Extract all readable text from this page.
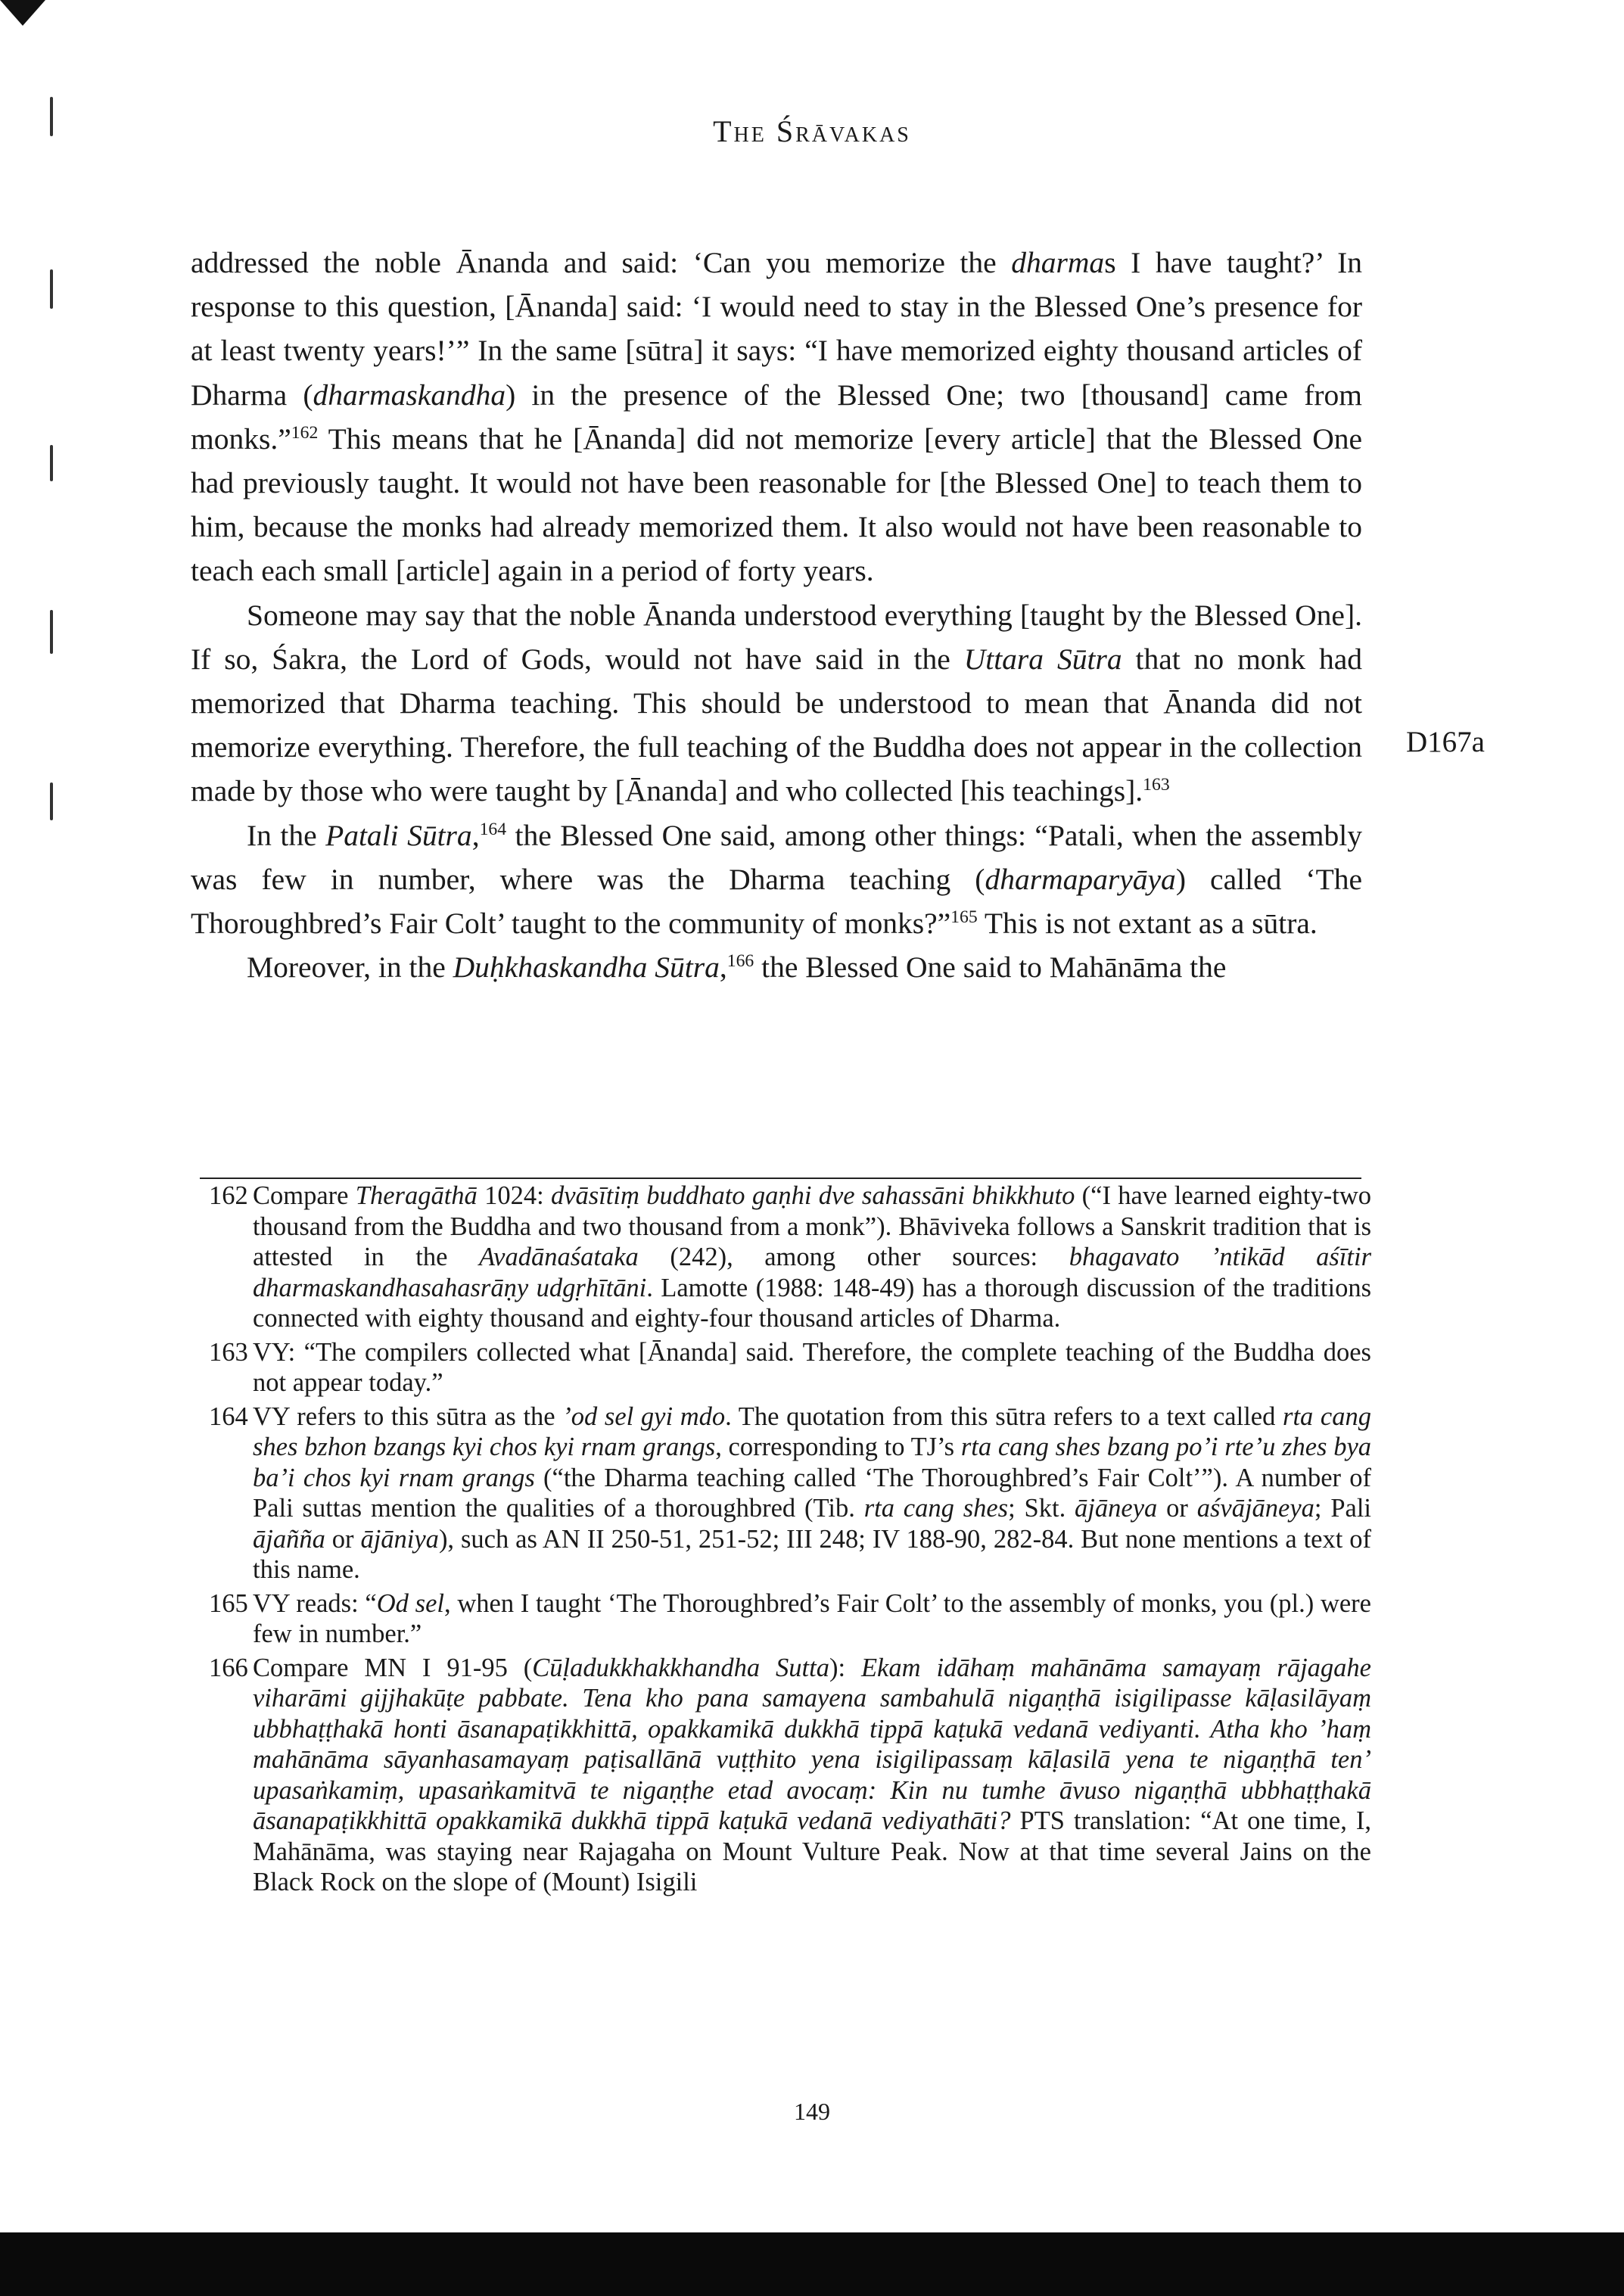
The Śrāvakas

addressed the noble Ānanda and said: ‘Can you memorize the dharmas I have taught?’ In response to this question, [Ānanda] said: ‘I would need to stay in the Blessed One’s presence for at least twenty years!’” In the same [sūtra] it says: “I have memorized eighty thousand articles of Dharma (dharmaskandha) in the presence of the Blessed One; two [thousand] came from monks.”$^{162}$ This means that he [Ānanda] did not memorize [every article] that the Blessed One had previously taught. It would not have been reasonable for [the Blessed One] to teach them to him, because the monks had already memorized them. It also would not have been reasonable to teach each small [article] again in a period of forty years.

Someone may say that the noble Ānanda understood everything [taught by the Blessed One]. If so, Śakra, the Lord of Gods, would not have said in the Uttara Sūtra that no monk had memorized that Dharma teaching. This should be understood to mean that Ānanda did not memorize everything. Therefore, the full teaching of the Buddha does not appear in the collection made by those who were taught by [Ānanda] and who collected [his teachings].$^{163}$

In the Patali Sūtra,$^{164}$ the Blessed One said, among other things: “Patali, when the assembly was few in number, where was the Dharma teaching (dharmaparyāya) called ‘The Thoroughbred’s Fair Colt’ taught to the community of monks?”$^{165}$ This is not extant as a sūtra.

Moreover, in the Duḥkhaskandha Sūtra,$^{166}$ the Blessed One said to Mahānāma the

D167a
162 Compare Theragāthā 1024: dvāsītiṃ buddhato gaṇhi dve sahassāni bhikkhuto (“I have learned eighty-two thousand from the Buddha and two thousand from a monk”). Bhāviveka follows a Sanskrit tradition that is attested in the Avadānaśataka (242), among other sources: bhagavato ’ntikād aśītir dharmaskandhasahasrāṇy udgṛhītāni. Lamotte (1988: 148-49) has a thorough discussion of the traditions connected with eighty thousand and eighty-four thousand articles of Dharma.
163 VY: “The compilers collected what [Ānanda] said. Therefore, the complete teaching of the Buddha does not appear today.”
164 VY refers to this sūtra as the ’od sel gyi mdo. The quotation from this sūtra refers to a text called rta cang shes bzhon bzangs kyi chos kyi rnam grangs, corresponding to TJ’s rta cang shes bzang po’i rte’u zhes bya ba’i chos kyi rnam grangs (“the Dharma teaching called ‘The Thoroughbred’s Fair Colt’”). A number of Pali suttas mention the qualities of a thoroughbred (Tib. rta cang shes; Skt. ājāneya or aśvājāneya; Pali ājañña or ājāniya), such as AN II 250-51, 251-52; III 248; IV 188-90, 282-84. But none mentions a text of this name.
165 VY reads: “Od sel, when I taught ‘The Thoroughbred’s Fair Colt’ to the assembly of monks, you (pl.) were few in number.”
166 Compare MN I 91-95 (Cūḷadukkhakkhandha Sutta): Ekam idāhaṃ mahānāma samayaṃ rājagahe viharāmi gijjhakūṭe pabbate. Tena kho pana samayena sambahulā nigaṇṭhā isigilipasse kāḷasilāyaṃ ubbhaṭṭhakā honti āsanapaṭikkhittā, opakkamikā dukkhā tippā kaṭukā vedanā vediyanti. Atha kho ’haṃ mahānāma sāyanhasamayaṃ paṭisallānā vuṭṭhito yena isigilipassaṃ kāḷasilā yena te nigaṇṭhā ten’ upasaṅkamiṃ, upasaṅkamitvā te nigaṇṭhe etad avocaṃ: Kin nu tumhe āvuso nigaṇṭhā ubbhaṭṭhakā āsanapaṭikkhittā opakkamikā dukkhā tippā kaṭukā vedanā vediyathāti? PTS translation: “At one time, I, Mahānāma, was staying near Rajagaha on Mount Vulture Peak. Now at that time several Jains on the Black Rock on the slope of (Mount) Isigili
149
